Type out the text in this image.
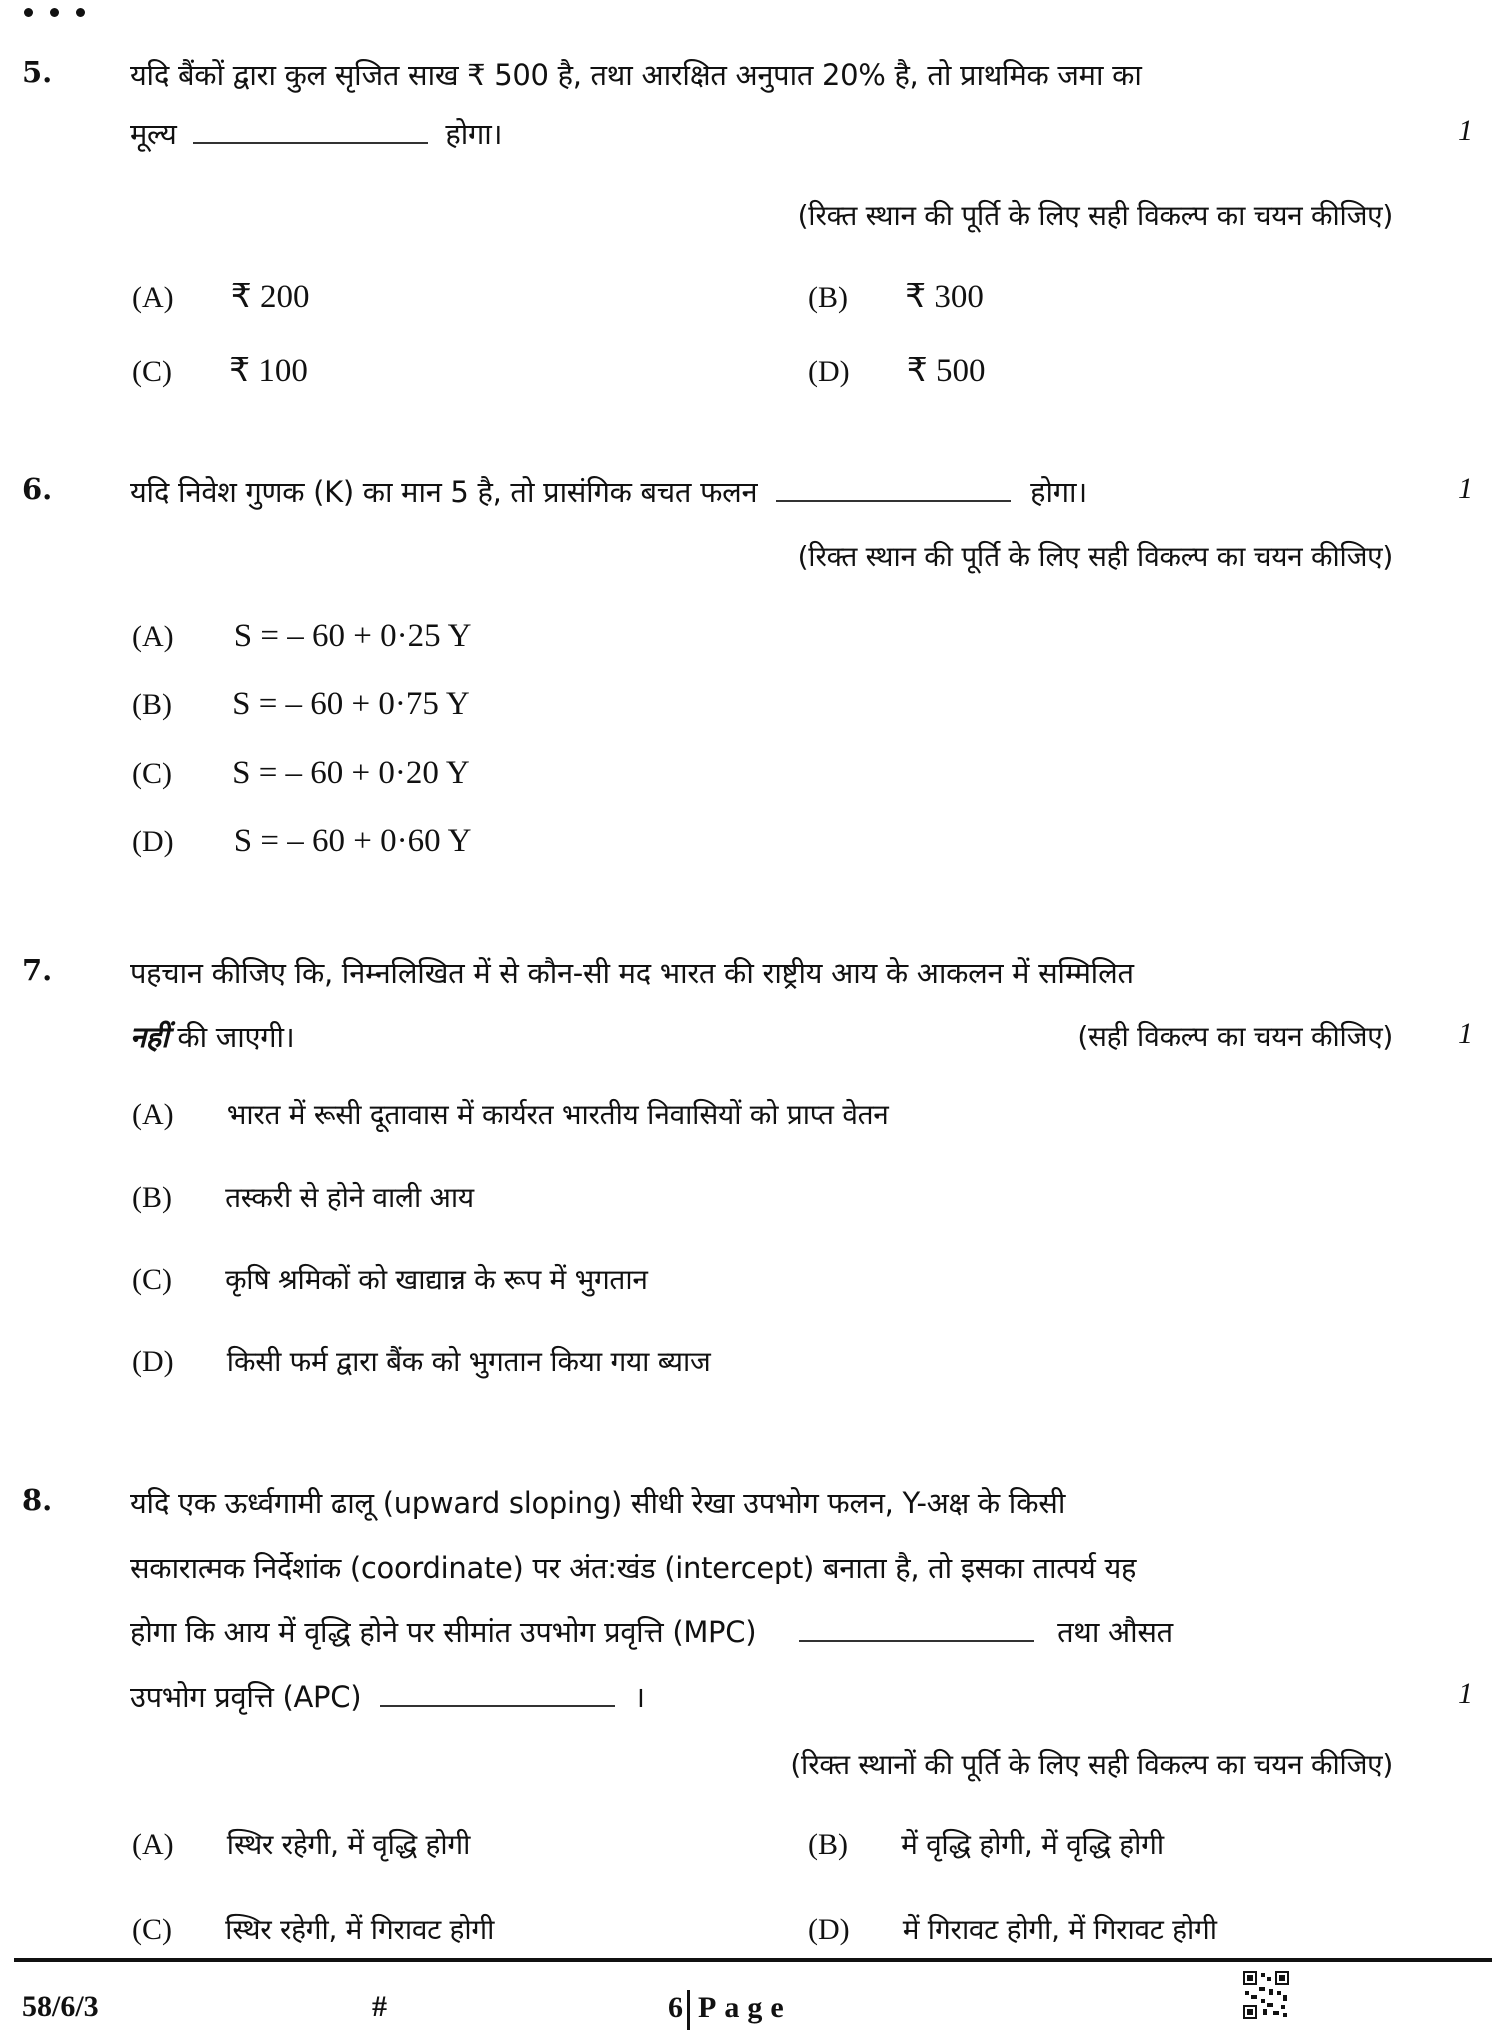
5.	यदि बैंकों द्वारा कुल सृजित साख ₹ 500 है, तथा आरक्षित अनुपात 20% है, तो प्राथमिक जमा का
मूल्य	होगा।	1
(रिक्त स्थान की पूर्ति के लिए सही विकल्प का चयन कीजिए)
(A) ₹ 200	(B) ₹ 300
(C) ₹ 100	(D) ₹ 500
6.	यदि निवेश गुणक (K) का मान 5 है, तो प्रासंगिक बचत फलन	होगा।	1
(रिक्त स्थान की पूर्ति के लिए सही विकल्प का चयन कीजिए)
(A) S = – 60 + 0·25 Y
(B) S = – 60 + 0·75 Y
(C) S = – 60 + 0·20 Y
(D) S = – 60 + 0·60 Y
7.	पहचान कीजिए कि, निम्नलिखित में से कौन-सी मद भारत की राष्ट्रीय आय के आकलन में सम्मिलित
नहीं की जाएगी।	(सही विकल्प का चयन कीजिए) 1
(A) भारत में रूसी दूतावास में कार्यरत भारतीय निवासियों को प्राप्त वेतन
(B) तस्करी से होने वाली आय
(C) कृषि श्रमिकों को खाद्यान्न के रूप में भुगतान
(D) किसी फर्म द्वारा बैंक को भुगतान किया गया ब्याज
8.	यदि एक ऊर्ध्वगामी ढालू (upward sloping) सीधी रेखा उपभोग फलन, Y-अक्ष के किसी
सकारात्मक निर्देशांक (coordinate) पर अंत:खंड (intercept) बनाता है, तो इसका तात्पर्य यह
होगा कि आय में वृद्धि होने पर सीमांत उपभोग प्रवृत्ति (MPC)	तथा औसत
उपभोग प्रवृत्ति (APC)	।	1
(रिक्त स्थानों की पूर्ति के लिए सही विकल्प का चयन कीजिए)
(A) स्थिर रहेगी, में वृद्धि होगी	(B) में वृद्धि होगी, में वृद्धि होगी
(C) स्थिर रहेगी, में गिरावट होगी	(D) में गिरावट होगी, में गिरावट होगी
58/6/3	#	6 Page
